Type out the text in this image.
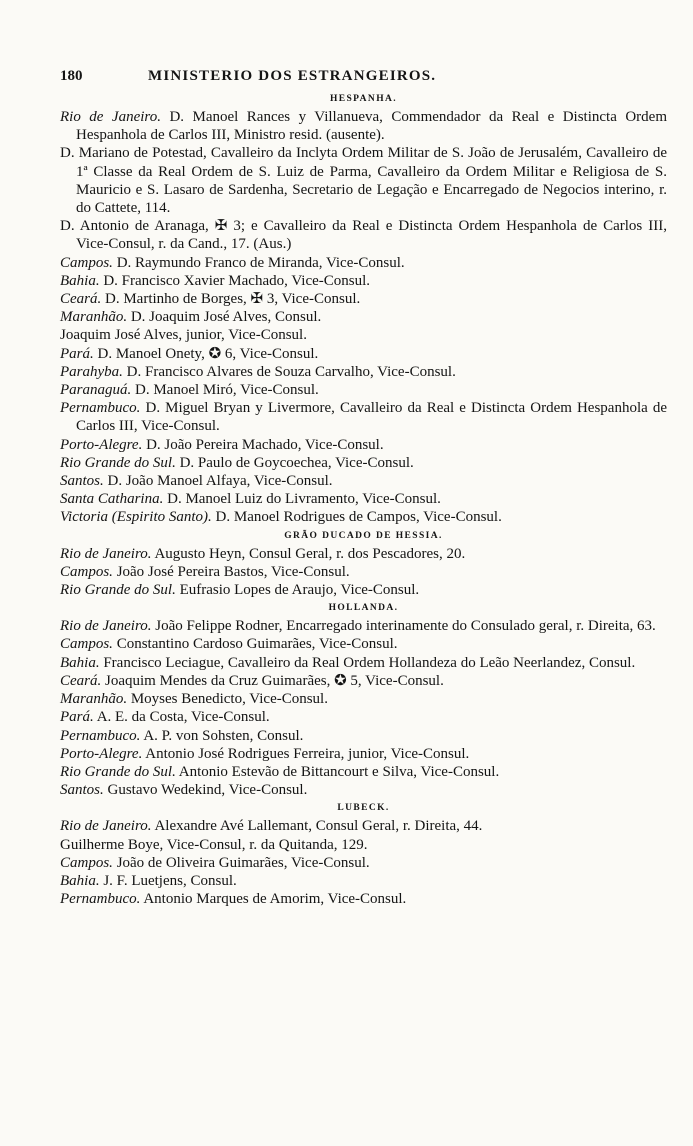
180	MINISTERIO DOS ESTRANGEIROS.
HESPANHA.
Rio de Janeiro. D. Manoel Rances y Villanueva, Commendador da Real e Distincta Ordem Hespanhola de Carlos III, Ministro resid. (ausente).
D. Mariano de Potestad, Cavalleiro da Inclyta Ordem Militar de S. João de Jerusalém, Cavalleiro de 1ª Classe da Real Ordem de S. Luiz de Parma, Cavalleiro da Ordem Militar e Religiosa de S. Mauricio e S. Lasaro de Sardenha, Secretario de Legação e Encarregado de Negocios interino, r. do Cattete, 114.
D. Antonio de Aranaga, ✠ 3; e Cavalleiro da Real e Distincta Ordem Hespanhola de Carlos III, Vice-Consul, r. da Cand., 17. (Aus.)
Campos. D. Raymundo Franco de Miranda, Vice-Consul.
Bahia. D. Francisco Xavier Machado, Vice-Consul.
Ceará. D. Martinho de Borges, ✠ 3, Vice-Consul.
Maranhão. D. Joaquim José Alves, Consul.
Joaquim José Alves, junior, Vice-Consul.
Pará. D. Manoel Onety, ✪ 6, Vice-Consul.
Parahyba. D. Francisco Alvares de Souza Carvalho, Vice-Consul.
Paranaguá. D. Manoel Miró, Vice-Consul.
Pernambuco. D. Miguel Bryan y Livermore, Cavalleiro da Real e Distincta Ordem Hespanhola de Carlos III, Vice-Consul.
Porto-Alegre. D. João Pereira Machado, Vice-Consul.
Rio Grande do Sul. D. Paulo de Goycoechea, Vice-Consul.
Santos. D. João Manoel Alfaya, Vice-Consul.
Santa Catharina. D. Manoel Luiz do Livramento, Vice-Consul.
Victoria (Espirito Santo). D. Manoel Rodrigues de Campos, Vice-Consul.
GRÃO DUCADO DE HESSIA.
Rio de Janeiro. Augusto Heyn, Consul Geral, r. dos Pescadores, 20.
Campos. João José Pereira Bastos, Vice-Consul.
Rio Grande do Sul. Eufrasio Lopes de Araujo, Vice-Consul.
HOLLANDA.
Rio de Janeiro. João Felippe Rodner, Encarregado interinamente do Consulado geral, r. Direita, 63.
Campos. Constantino Cardoso Guimarães, Vice-Consul.
Bahia. Francisco Leciague, Cavalleiro da Real Ordem Hollandeza do Leão Neerlandez, Consul.
Ceará. Joaquim Mendes da Cruz Guimarães, ✪ 5, Vice-Consul.
Maranhão. Moyses Benedicto, Vice-Consul.
Pará. A. E. da Costa, Vice-Consul.
Pernambuco. A. P. von Sohsten, Consul.
Porto-Alegre. Antonio José Rodrigues Ferreira, junior, Vice-Consul.
Rio Grande do Sul. Antonio Estevão de Bittancourt e Silva, Vice-Consul.
Santos. Gustavo Wedekind, Vice-Consul.
LUBECK.
Rio de Janeiro. Alexandre Avé Lallemant, Consul Geral, r. Direita, 44.
Guilherme Boye, Vice-Consul, r. da Quitanda, 129.
Campos. João de Oliveira Guimarães, Vice-Consul.
Bahia. J. F. Luetjens, Consul.
Pernambuco. Antonio Marques de Amorim, Vice-Consul.
